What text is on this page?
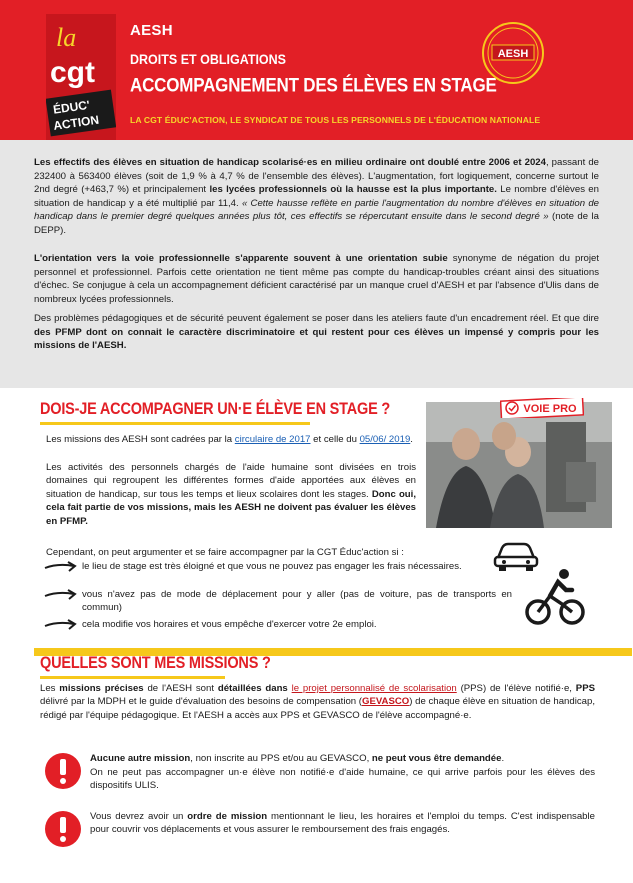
la
cgt
ÉDUC'
ACTION
AESH
DROITS ET OBLIGATIONS
ACCOMPAGNEMENT DES ÉLÈVES EN STAGE
LA CGT ÉDUC'ACTION, LE SYNDICAT DE TOUS LES PERSONNELS DE L'ÉDUCATION NATIONALE
AESH

Les effectifs des élèves en situation de handicap scolarisé·es en milieu ordinaire ont doublé entre 2006 et 2024, passant de 232400 à 563400 élèves (soit de 1,9 % à 4,7 % de l'ensemble des élèves). L'augmentation, fort logiquement, concerne surtout le 2nd degré (+463,7 %) et principalement les lycées professionnels où la hausse est la plus importante. Le nombre d'élèves en situation de handicap y a été multiplié par 11,4. « Cette hausse reflète en partie l'augmentation du nombre d'élèves en situation de handicap dans le premier degré quelques années plus tôt, ces effectifs se répercutant ensuite dans le second degré » (note de la DEPP).

L'orientation vers la voie professionnelle s'apparente souvent à une orientation subie synonyme de négation du projet personnel et professionnel. Parfois cette orientation ne tient même pas compte du handicap-troubles créant ainsi des situations d'échec. Se conjugue à cela un accompagnement déficient caractérisé par un manque cruel d'AESH et par l'absence d'Ulis dans de nombreux lycées professionnels.

Des problèmes pédagogiques et de sécurité peuvent également se poser dans les ateliers faute d'un encadrement réel. Et que dire des PFMP dont on connait le caractère discriminatoire et qui restent pour ces élèves un impensé y compris pour les missions de l'AESH.

DOIS-JE ACCOMPAGNER UN·E ÉLÈVE EN STAGE ?	VOIE PRO
Les missions des AESH sont cadrées par la circulaire de 2017 et celle du 05/06/ 2019.
Les activités des personnels chargés de l'aide humaine sont divisées en trois domaines qui regroupent les différentes formes d'aide apportées aux élèves en situation de handicap, sur tous les temps et lieux scolaires dont les stages. Donc oui, cela fait partie de vos missions, mais les AESH ne doivent pas évaluer les élèves en PFMP.
Cependant, on peut argumenter et se faire accompagner par la CGT Éduc'action si :
le lieu de stage est très éloigné et que vous ne pouvez pas engager les frais nécessaires.
vous n'avez pas de mode de déplacement pour y aller (pas de voiture, pas de transports en commun)
cela modifie vos horaires et vous empêche d'exercer votre 2e emploi.
QUELLES SONT MES MISSIONS ?
Les missions précises de l'AESH sont détaillées dans le projet personnalisé de scolarisation (PPS) de l'élève notifié·e, PPS délivré par la MDPH et le guide d'évaluation des besoins de compensation (GEVASCO) de chaque élève en situation de handicap, rédigé par l'équipe pédagogique. Et l'AESH a accès aux PPS et GEVASCO de l'élève accompagné·e.
Aucune autre mission, non inscrite au PPS et/ou au GEVASCO, ne peut vous être demandée.
On ne peut pas accompagner un·e élève non notifié·e d'aide humaine, ce qui arrive parfois pour les élèves des dispositifs ULIS.
Vous devrez avoir un ordre de mission mentionnant le lieu, les horaires et l'emploi du temps. C'est indispensable pour couvrir vos déplacements et vous assurer le remboursement des frais engagés.
